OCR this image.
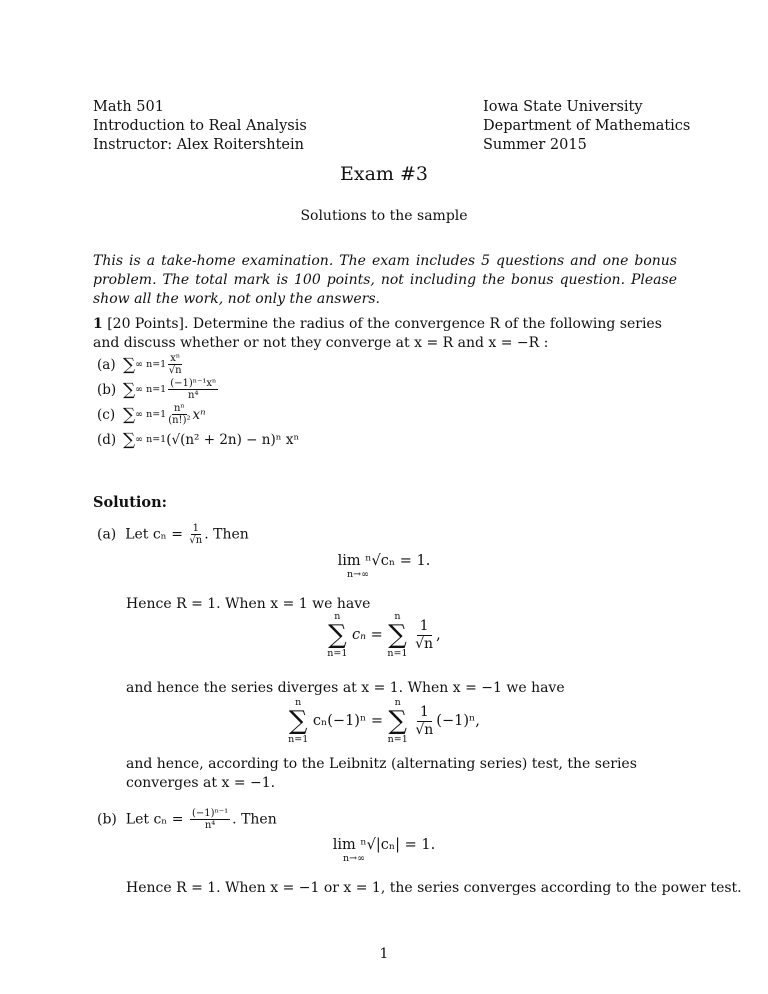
Math 501
Introduction to Real Analysis
Instructor: Alex Roitershtein
Iowa State University
Department of Mathematics
Summer 2015
Exam #3
Solutions to the sample
This is a take-home examination. The exam includes 5 questions and one bonus problem. The total mark is 100 points, not including the bonus question. Please show all the work, not only the answers.
1 [20 Points]. Determine the radius of the convergence R of the following series and discuss whether or not they converge at x = R and x = −R :
(a) ∑ ∞ $n=1 \frac{\text{xⁿ}}{√n}$
(b) ∑ ∞ $n=1 \frac{\text{(−1)ⁿ⁻¹xⁿ}}{\text{n⁴}}$
(c) ∑ ∞ $n=1 \frac{\text{nⁿ}}{\text{(n!)²}}$ xⁿ
(d) ∑ ∞ n=1 (√(n² + 2n) − n)ⁿ xⁿ
Solution:
(a) Let $c_n = \frac{1}{√n}$ . Then
lim ⁿ√cₙ = 1.
n→∞
Hence R = 1. When x = 1 we have
n
∑
n=1
cₙ =
n
∑
n=1

$\frac{1}{√n}$ ,
and hence the series diverges at x = 1. When x = −1 we have
n
∑
n=1
cₙ(−1)ⁿ =
n
∑
n=1

$\frac{1}{√n} (-1)^n$,
and hence, according to the Leibnitz (alternating series) test, the series converges at x = −1.
(b) Let $c_n = \frac{\text{(−1)ⁿ⁻¹}}{\text{n⁴}}$ . Then
lim ⁿ√|cₙ| = 1.
n→∞
Hence R = 1. When x = −1 or x = 1, the series converges according to the power test.
1
